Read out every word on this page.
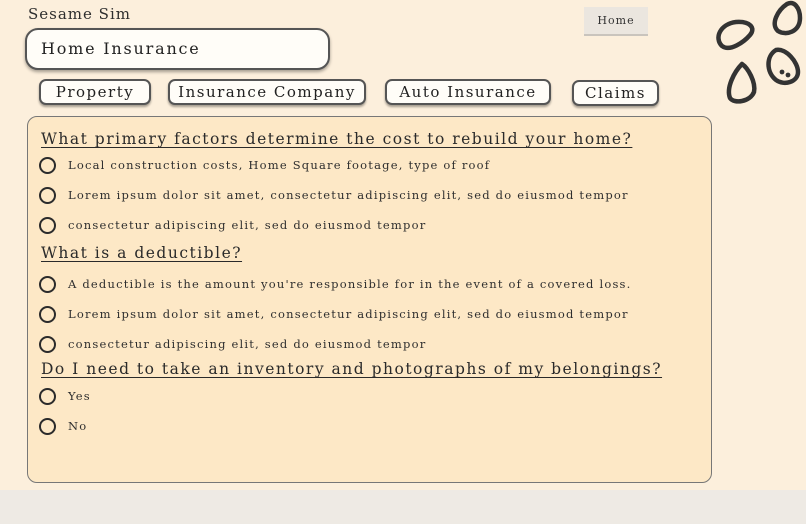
Sesame Sim	Home
Home Insurance
Property	Insurance Company	Auto Insurance	Claims
What primary factors determine the cost to rebuild your home?
Local construction costs, Home Square footage, type of roof
Lorem ipsum dolor sit amet, consectetur adipiscing elit, sed do eiusmod tempor
consectetur adipiscing elit, sed do eiusmod tempor
What is a deductible?
A deductible is the amount you're responsible for in the event of a covered loss.
Lorem ipsum dolor sit amet, consectetur adipiscing elit, sed do eiusmod tempor
consectetur adipiscing elit, sed do eiusmod tempor
Do I need to take an inventory and photographs of my belongings?
Yes
No
